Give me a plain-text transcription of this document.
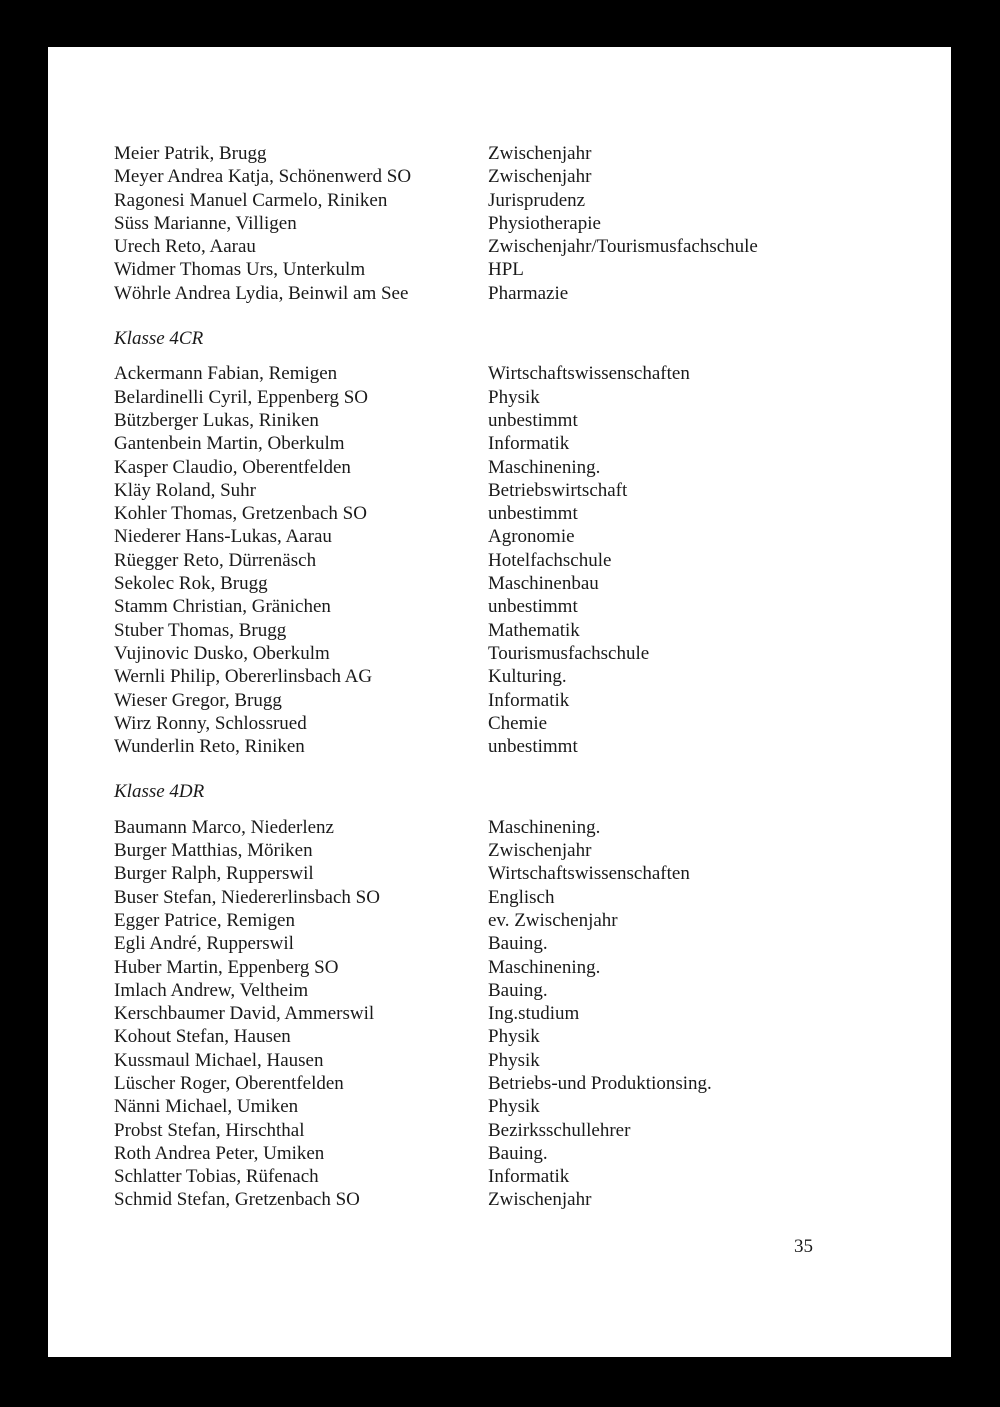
Meier Patrik, Brugg	Zwischenjahr
Meyer Andrea Katja, Schönenwerd SO	Zwischenjahr
Ragonesi Manuel Carmelo, Riniken	Jurisprudenz
Süss Marianne, Villigen	Physiotherapie
Urech Reto, Aarau	Zwischenjahr/Tourismusfachschule
Widmer Thomas Urs, Unterkulm	HPL
Wöhrle Andrea Lydia, Beinwil am See	Pharmazie
Klasse 4CR
Ackermann Fabian, Remigen	Wirtschaftswissenschaften
Belardinelli Cyril, Eppenberg SO	Physik
Bützberger Lukas, Riniken	unbestimmt
Gantenbein Martin, Oberkulm	Informatik
Kasper Claudio, Oberentfelden	Maschinening.
Kläy Roland, Suhr	Betriebswirtschaft
Kohler Thomas, Gretzenbach SO	unbestimmt
Niederer Hans-Lukas, Aarau	Agronomie
Rüegger Reto, Dürrenäsch	Hotelfachschule
Sekolec Rok, Brugg	Maschinenbau
Stamm Christian, Gränichen	unbestimmt
Stuber Thomas, Brugg	Mathematik
Vujinovic Dusko, Oberkulm	Tourismusfachschule
Wernli Philip, Obererlinsbach AG	Kulturing.
Wieser Gregor, Brugg	Informatik
Wirz Ronny, Schlossrued	Chemie
Wunderlin Reto, Riniken	unbestimmt
Klasse 4DR
Baumann Marco, Niederlenz	Maschinening.
Burger Matthias, Möriken	Zwischenjahr
Burger Ralph, Rupperswil	Wirtschaftswissenschaften
Buser Stefan, Niedererlinsbach SO	Englisch
Egger Patrice, Remigen	ev. Zwischenjahr
Egli André, Rupperswil	Bauing.
Huber Martin, Eppenberg SO	Maschinening.
Imlach Andrew, Veltheim	Bauing.
Kerschbaumer David, Ammerswil	Ing.studium
Kohout Stefan, Hausen	Physik
Kussmaul Michael, Hausen	Physik
Lüscher Roger, Oberentfelden	Betriebs-und Produktionsing.
Nänni Michael, Umiken	Physik
Probst Stefan, Hirschthal	Bezirksschullehrer
Roth Andrea Peter, Umiken	Bauing.
Schlatter Tobias, Rüfenach	Informatik
Schmid Stefan, Gretzenbach SO	Zwischenjahr
35
